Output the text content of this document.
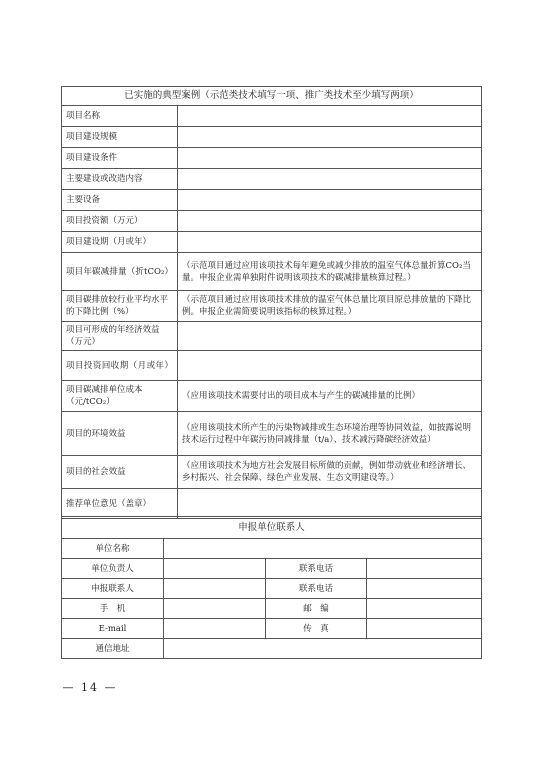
已实施的典型案例（示范类技术填写一项、推广类技术至少填写两项）	
项目名称	
项目建设规模	
项目建设条件	
主要建设或改造内容	
主要设备	
项目投资额（万元）	
项目建设期（月或年）	
项目年碳减排量（折tCO₂）	（示范项目通过应用该项技术每年避免或减少排放的温室气体总量折算CO₂当量。申报企业需单独附件说明该项技术的碳减排量核算过程。）
项目碳排放较行业平均水平的下降比例（%）	（示范项目通过应用该项技术排放的温室气体总量比项目原总排放量的下降比例。申报企业需简要说明该指标的核算过程。）
项目可形成的年经济效益（万元）	
项目投资回收期（月或年）	
项目碳减排单位成本（元/tCO₂）	（应用该项技术需要付出的项目成本与产生的碳减排量的比例）
项目的环境效益	（应用该项技术所产生的污染物减排或生态环境治理等协同效益，如披露说明技术运行过程中年碳污协同减排量（t/a）、技术减污降碳经济效益）
项目的社会效益	（应用该项技术为地方社会发展目标所做的贡献，例如带动就业和经济增长、乡村振兴、社会保障、绿色产业发展、生态文明建设等。）
推荐单位意见（盖章）	
申报单位联系人			
单位名称			
单位负责人		联系电话	
申报联系人		联系电话	
手　机		邮　编	
E-mail		传　真	
通信地址			
— 14 —
